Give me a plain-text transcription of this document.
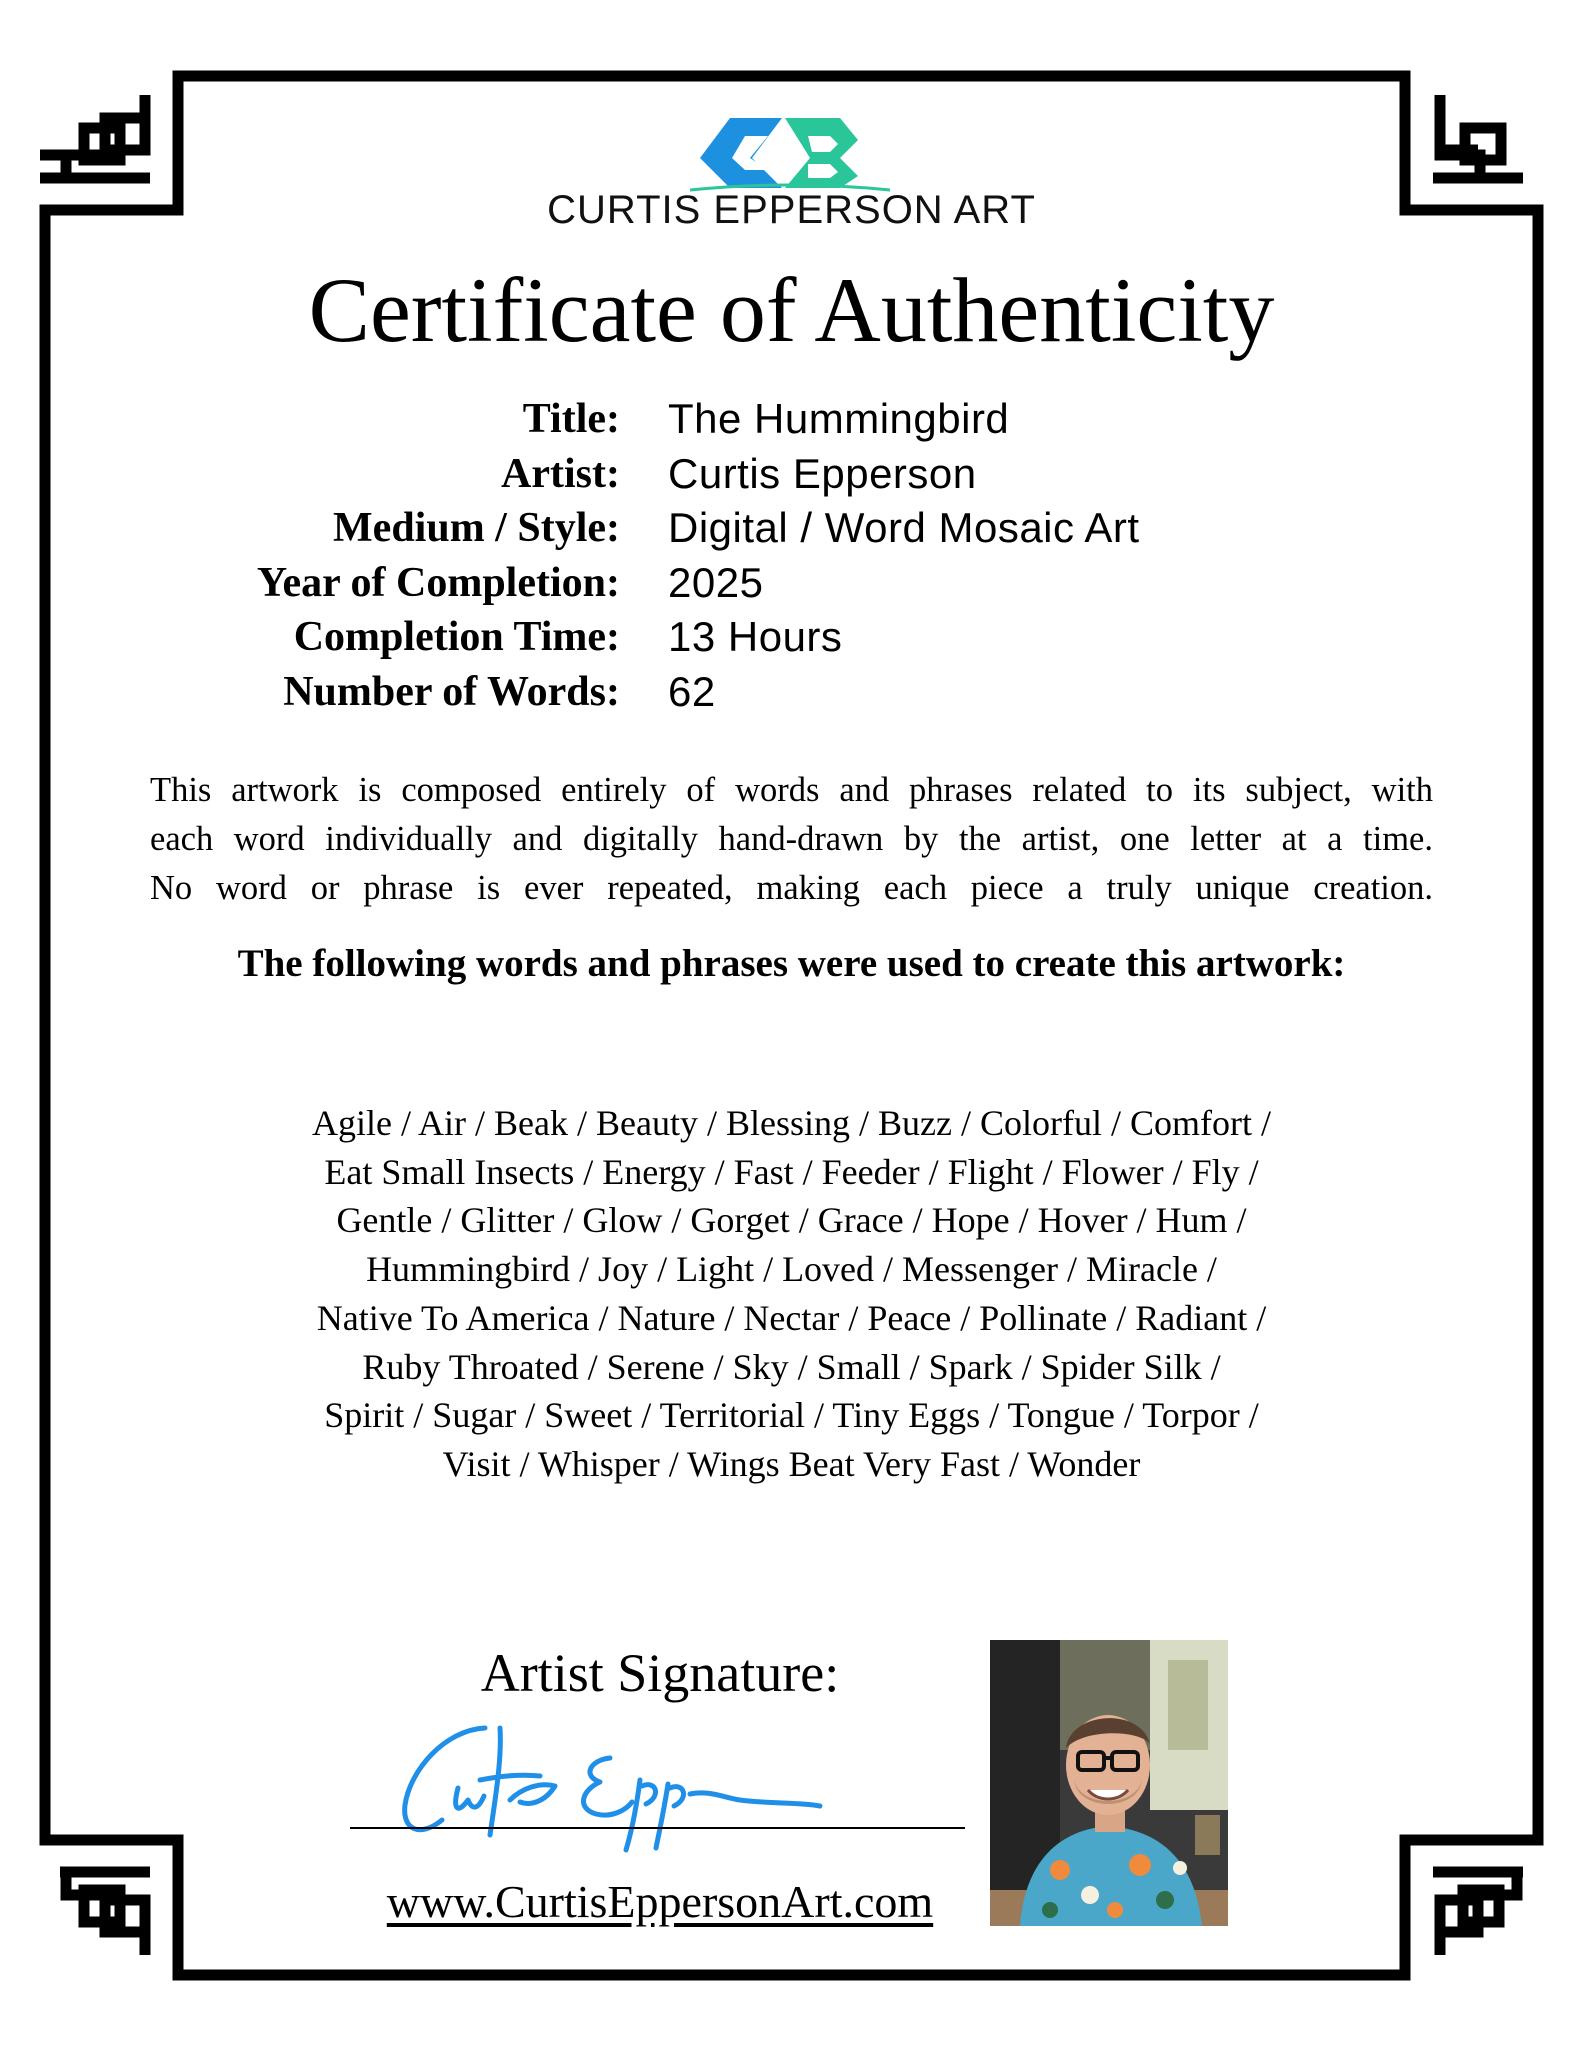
CURTIS EPPERSON ART
Certificate of Authenticity
Title: The Hummingbird
Artist: Curtis Epperson
Medium / Style: Digital / Word Mosaic Art
Year of Completion: 2025
Completion Time: 13 Hours
Number of Words: 62
This artwork is composed entirely of words and phrases related to its subject, with
each word individually and digitally hand-drawn by the artist, one letter at a time.
No word or phrase is ever repeated, making each piece a truly unique creation.
The following words and phrases were used to create this artwork:
Agile / Air / Beak / Beauty / Blessing / Buzz / Colorful / Comfort /
Eat Small Insects / Energy / Fast / Feeder / Flight / Flower / Fly /
Gentle / Glitter / Glow / Gorget / Grace / Hope / Hover / Hum /
Hummingbird / Joy / Light / Loved / Messenger / Miracle /
Native To America / Nature / Nectar / Peace / Pollinate / Radiant /
Ruby Throated / Serene / Sky / Small / Spark / Spider Silk /
Spirit / Sugar / Sweet / Territorial / Tiny Eggs / Tongue / Torpor /
Visit / Whisper / Wings Beat Very Fast / Wonder
Artist Signature:
www.CurtisEppersonArt.com
